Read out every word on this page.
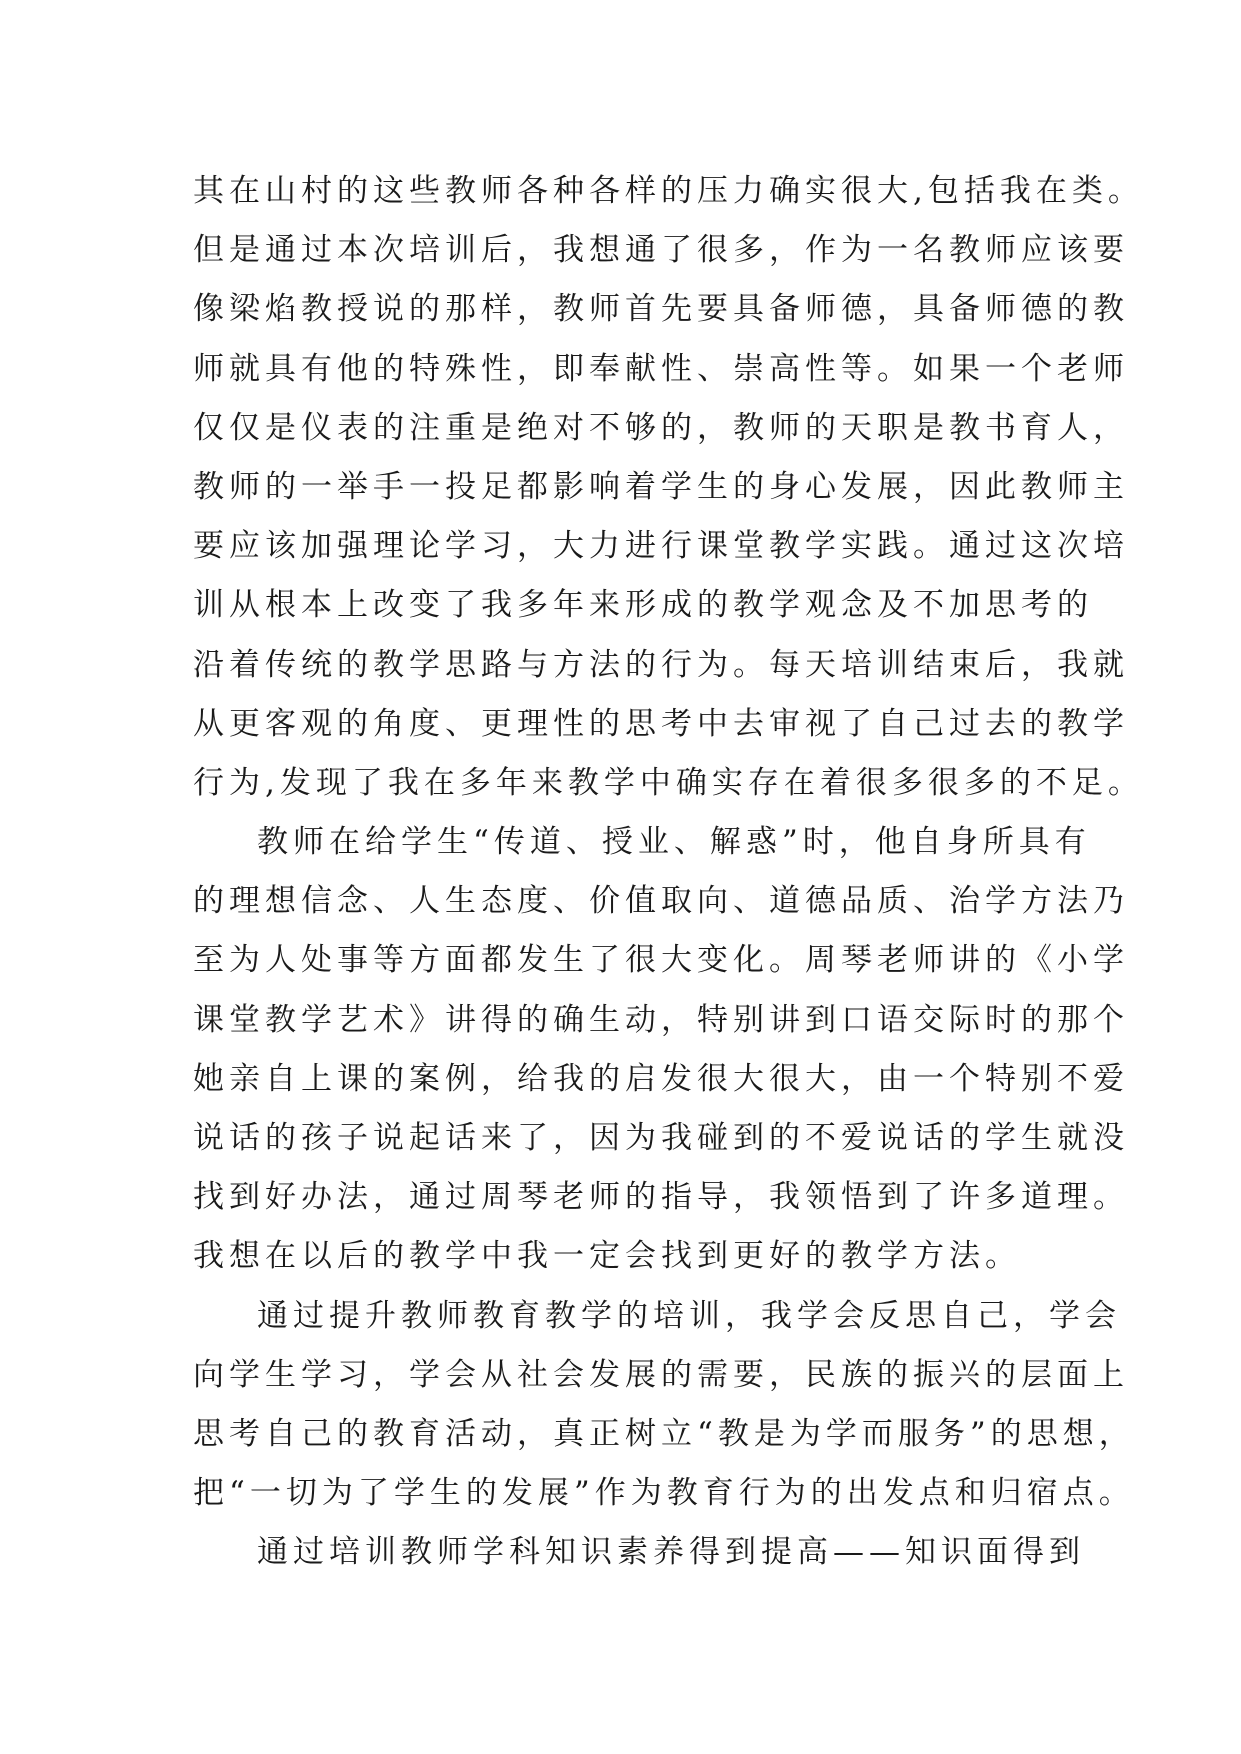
其在山村的这些教师各种各样的压力确实很大,包括我在类。
但是通过本次培训后，我想通了很多，作为一名教师应该要
像梁焰教授说的那样，教师首先要具备师德，具备师德的教
师就具有他的特殊性，即奉献性、崇高性等。如果一个老师
仅仅是仪表的注重是绝对不够的，教师的天职是教书育人，
教师的一举手一投足都影响着学生的身心发展，因此教师主
要应该加强理论学习，大力进行课堂教学实践。通过这次培
训从根本上改变了我多年来形成的教学观念及不加思考的
沿着传统的教学思路与方法的行为。每天培训结束后，我就
从更客观的角度、更理性的思考中去审视了自己过去的教学
行为,发现了我在多年来教学中确实存在着很多很多的不足。
教师在给学生“传道、授业、解惑”时，他自身所具有
的理想信念、人生态度、价值取向、道德品质、治学方法乃
至为人处事等方面都发生了很大变化。周琴老师讲的《小学
课堂教学艺术》讲得的确生动，特别讲到口语交际时的那个
她亲自上课的案例，给我的启发很大很大，由一个特别不爱
说话的孩子说起话来了，因为我碰到的不爱说话的学生就没
找到好办法，通过周琴老师的指导，我领悟到了许多道理。
我想在以后的教学中我一定会找到更好的教学方法。
通过提升教师教育教学的培训，我学会反思自己，学会
向学生学习，学会从社会发展的需要，民族的振兴的层面上
思考自己的教育活动，真正树立“教是为学而服务”的思想，
把“一切为了学生的发展”作为教育行为的出发点和归宿点。
通过培训教师学科知识素养得到提高——知识面得到
